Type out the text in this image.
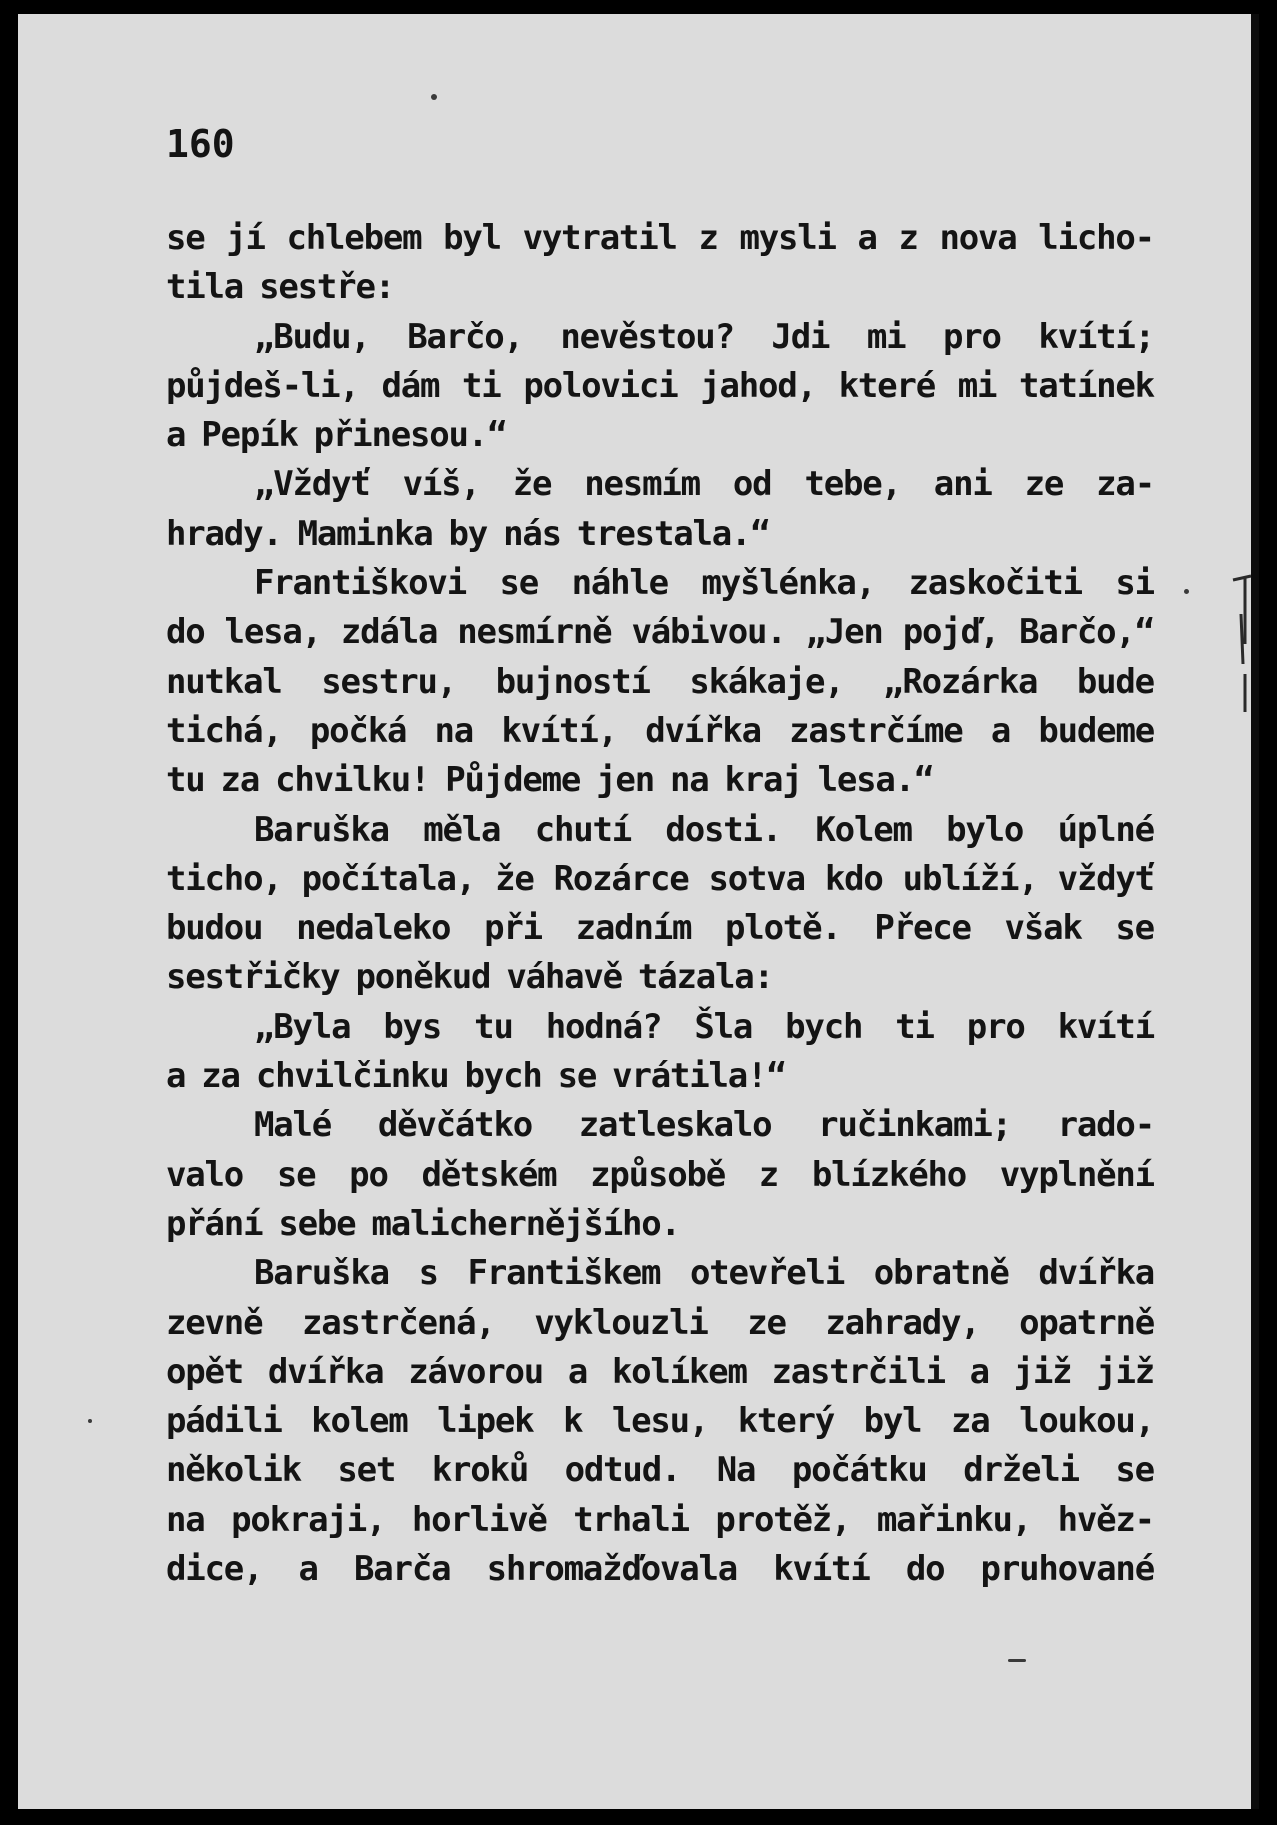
160
se jí chlebem byl vytratil z mysli a z nova licho-
tila sestře:
„Budu, Barčo, nevěstou? Jdi mi pro kvítí;
půjdeš-li, dám ti polovici jahod, které mi tatínek
a Pepík přinesou.“
„Vždyť víš, že nesmím od tebe, ani ze za-
hrady. Maminka by nás trestala.“
Františkovi se náhle myšlénka, zaskočiti si
do lesa, zdála nesmírně vábivou. „Jen pojď, Barčo,“
nutkal sestru, bujností skákaje, „Rozárka bude
tichá, počká na kvítí, dvířka zastrčíme a budeme
tu za chvilku! Půjdeme jen na kraj lesa.“
Baruška měla chutí dosti. Kolem bylo úplné
ticho, počítala, že Rozárce sotva kdo ublíží, vždyť
budou nedaleko při zadním plotě. Přece však se
sestřičky poněkud váhavě tázala:
„Byla bys tu hodná? Šla bych ti pro kvítí
a za chvilčinku bych se vrátila!“
Malé děvčátko zatleskalo ručinkami; rado-
valo se po dětském způsobě z blízkého vyplnění
přání sebe malichernějšího.
Baruška s Františkem otevřeli obratně dvířka
zevně zastrčená, vyklouzli ze zahrady, opatrně
opět dvířka závorou a kolíkem zastrčili a již již
pádili kolem lipek k lesu, který byl za loukou,
několik set kroků odtud. Na počátku drželi se
na pokraji, horlivě trhali protěž, mařinku, hvěz-
dice, a Barča shromažďovala kvítí do pruhované
